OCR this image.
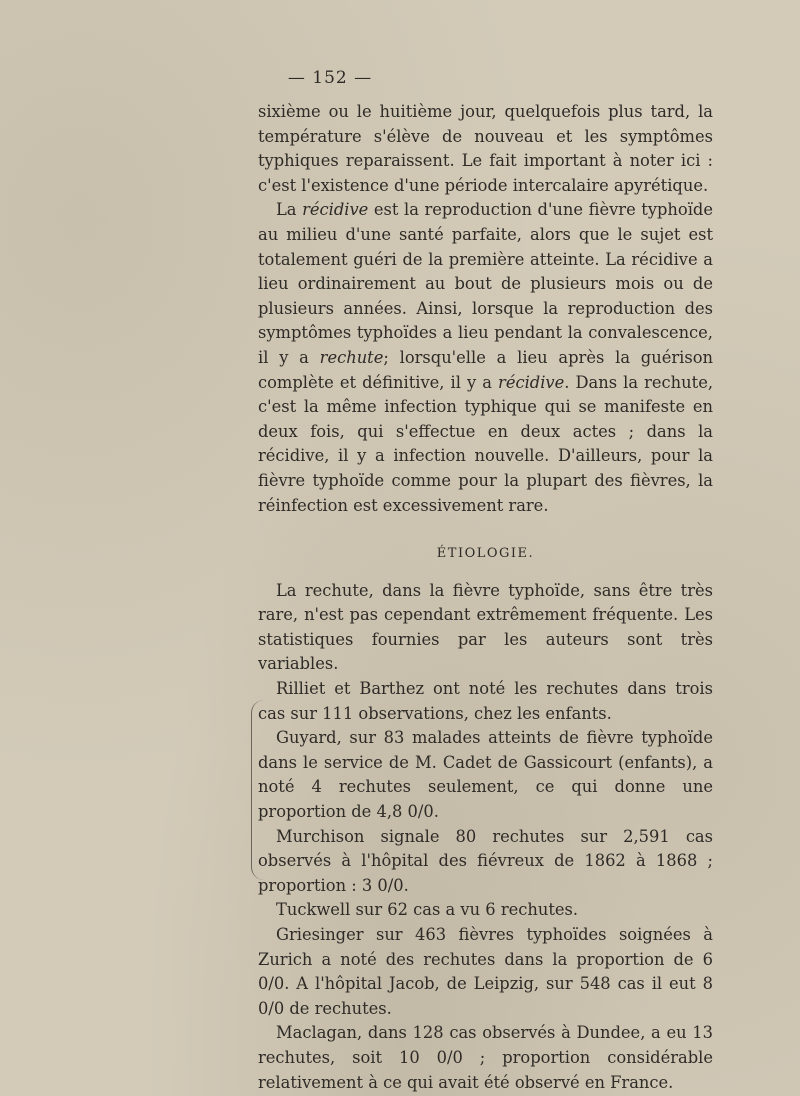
— 152 —

sixième ou le huitième jour, quelquefois plus tard, la température s'élève de nouveau et les symptômes typhiques reparaissent. Le fait important à noter ici : c'est l'existence d'une période intercalaire apyrétique.

La récidive est la reproduction d'une fièvre typhoïde au milieu d'une santé parfaite, alors que le sujet est totalement guéri de la première atteinte. La récidive a lieu ordinairement au bout de plusieurs mois ou de plusieurs années. Ainsi, lorsque la reproduction des symptômes typhoïdes a lieu pendant la convalescence, il y a rechute; lorsqu'elle a lieu après la guérison complète et définitive, il y a récidive. Dans la rechute, c'est la même infection typhique qui se manifeste en deux fois, qui s'effectue en deux actes ; dans la récidive, il y a infection nouvelle. D'ailleurs, pour la fièvre typhoïde comme pour la plupart des fièvres, la réinfection est excessivement rare.

ÉTIOLOGIE.

La rechute, dans la fièvre typhoïde, sans être très rare, n'est pas cependant extrêmement fréquente. Les statistiques fournies par les auteurs sont très variables.

Rilliet et Barthez ont noté les rechutes dans trois cas sur 111 observations, chez les enfants.

Guyard, sur 83 malades atteints de fièvre typhoïde dans le service de M. Cadet de Gassicourt (enfants), a noté 4 rechutes seulement, ce qui donne une proportion de 4,8 0/0.

Murchison signale 80 rechutes sur 2,591 cas observés à l'hôpital des fiévreux de 1862 à 1868 ; proportion : 3 0/0.

Tuckwell sur 62 cas a vu 6 rechutes.

Griesinger sur 463 fièvres typhoïdes soignées à Zurich a noté des rechutes dans la proportion de 6 0/0. A l'hôpital Jacob, de Leipzig, sur 548 cas il eut 8 0/0 de rechutes.

Maclagan, dans 128 cas observés à Dundee, a eu 13 rechutes, soit 10 0/0 ; proportion considérable relativement à ce qui avait été observé en France.
